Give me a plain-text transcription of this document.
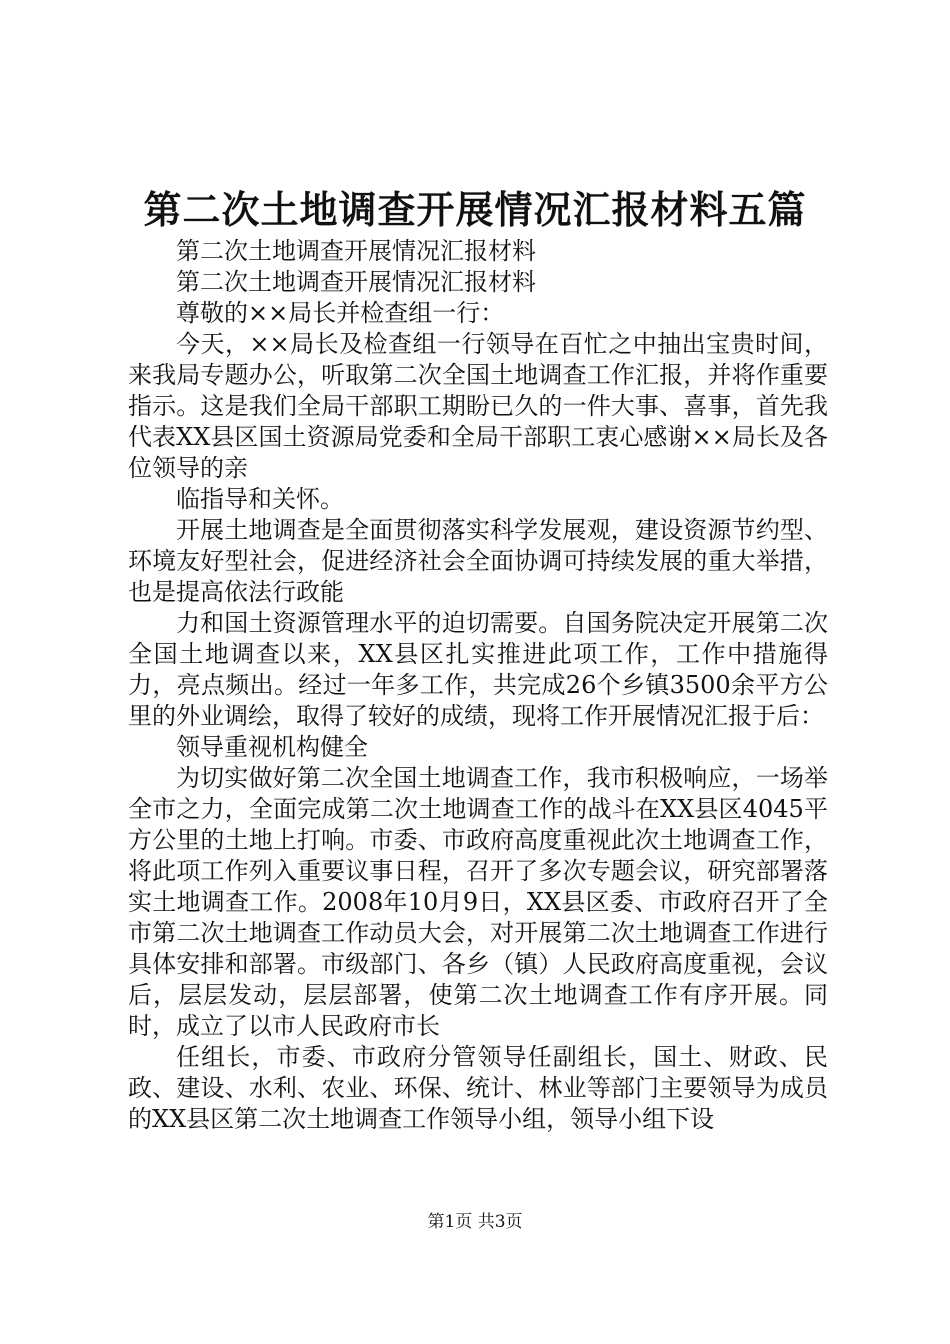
第二次土地调查开展情况汇报材料五篇

第二次土地调查开展情况汇报材料

第二次土地调查开展情况汇报材料

尊敬的××局长并检查组一行：

今天，××局长及检查组一行领导在百忙之中抽出宝贵时间，来我局专题办公，听取第二次全国土地调查工作汇报，并将作重要指示。这是我们全局干部职工期盼已久的一件大事、喜事，首先我代表XX县区国土资源局党委和全局干部职工衷心感谢××局长及各位领导的亲

临指导和关怀。

开展土地调查是全面贯彻落实科学发展观，建设资源节约型、环境友好型社会，促进经济社会全面协调可持续发展的重大举措，也是提高依法行政能

力和国土资源管理水平的迫切需要。自国务院决定开展第二次全国土地调查以来，XX县区扎实推进此项工作，工作中措施得力，亮点频出。经过一年多工作，共完成26个乡镇3500余平方公里的外业调绘，取得了较好的成绩，现将工作开展情况汇报于后：

领导重视机构健全

为切实做好第二次全国土地调查工作，我市积极响应，一场举全市之力，全面完成第二次土地调查工作的战斗在XX县区4045平方公里的土地上打响。市委、市政府高度重视此次土地调查工作，将此项工作列入重要议事日程，召开了多次专题会议，研究部署落实土地调查工作。2008年10月9日，XX县区委、市政府召开了全市第二次土地调查工作动员大会，对开展第二次土地调查工作进行具体安排和部署。市级部门、各乡（镇）人民政府高度重视，会议后，层层发动，层层部署，使第二次土地调查工作有序开展。同时，成立了以市人民政府市长

任组长，市委、市政府分管领导任副组长，国土、财政、民政、建设、水利、农业、环保、统计、林业等部门主要领导为成员的XX县区第二次土地调查工作领导小组，领导小组下设

第1页 共3页
